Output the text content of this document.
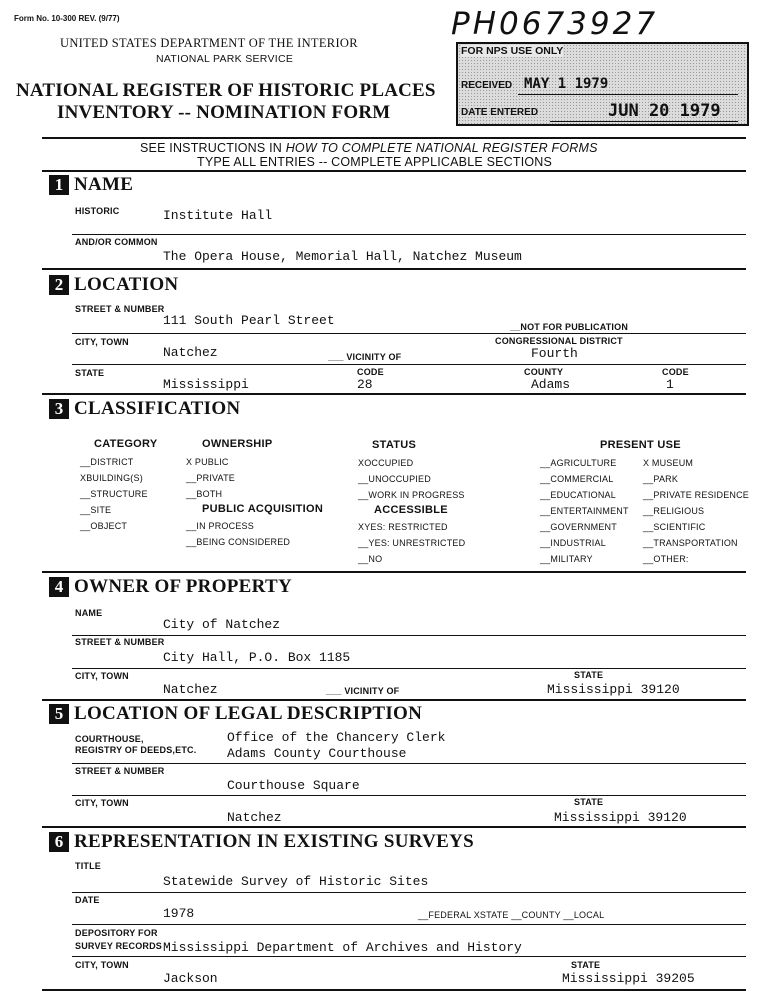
Form No. 10-300 REV. (9/77)
UNITED STATES DEPARTMENT OF THE INTERIOR
NATIONAL PARK SERVICE
NATIONAL REGISTER OF HISTORIC PLACES
INVENTORY -- NOMINATION FORM
PH0673927
FOR NPS USE ONLY
RECEIVED MAY 1 1979
DATE ENTERED	JUN 20 1979
SEE INSTRUCTIONS IN HOW TO COMPLETE NATIONAL REGISTER FORMS
TYPE ALL ENTRIES -- COMPLETE APPLICABLE SECTIONS
1 NAME
HISTORIC	Institute Hall
AND/OR COMMON
The Opera House, Memorial Hall, Natchez Museum
2 LOCATION
STREET & NUMBER
111 South Pearl Street	__NOT FOR PUBLICATION
CITY, TOWN	CONGRESSIONAL DISTRICT
Natchez	___ VICINITY OF	Fourth
STATE	CODE	COUNTY	CODE
Mississippi	28	Adams	1
3 CLASSIFICATION
CATEGORY
__DISTRICT
XBUILDING(S)
__STRUCTURE
__SITE
__OBJECT
OWNERSHIP
X PUBLIC
__PRIVATE
__BOTH
PUBLIC ACQUISITION
__IN PROCESS
__BEING CONSIDERED
STATUS
XOCCUPIED
__UNOCCUPIED
__WORK IN PROGRESS
ACCESSIBLE
XYES: RESTRICTED
__YES: UNRESTRICTED
__NO
PRESENT USE
__AGRICULTURE
__COMMERCIAL
__EDUCATIONAL
__ENTERTAINMENT
__GOVERNMENT
__INDUSTRIAL
__MILITARY
X MUSEUM
__PARK
__PRIVATE RESIDENCE
__RELIGIOUS
__SCIENTIFIC
__TRANSPORTATION
__OTHER:
4 OWNER OF PROPERTY
NAME
City of Natchez
STREET & NUMBER
City Hall, P.O. Box 1185
CITY, TOWN	STATE
Natchez	___ VICINITY OF	Mississippi 39120
5 LOCATION OF LEGAL DESCRIPTION
COURTHOUSE,
REGISTRY OF DEEDS,ETC.
Office of the Chancery Clerk
Adams County Courthouse
STREET & NUMBER
Courthouse Square
CITY, TOWN	STATE
Natchez	Mississippi 39120
6 REPRESENTATION IN EXISTING SURVEYS
TITLE
Statewide Survey of Historic Sites
DATE
1978	__FEDERAL XSTATE __COUNTY __LOCAL
DEPOSITORY FOR
SURVEY RECORDS Mississippi Department of Archives and History
CITY, TOWN	STATE
Jackson	Mississippi 39205
